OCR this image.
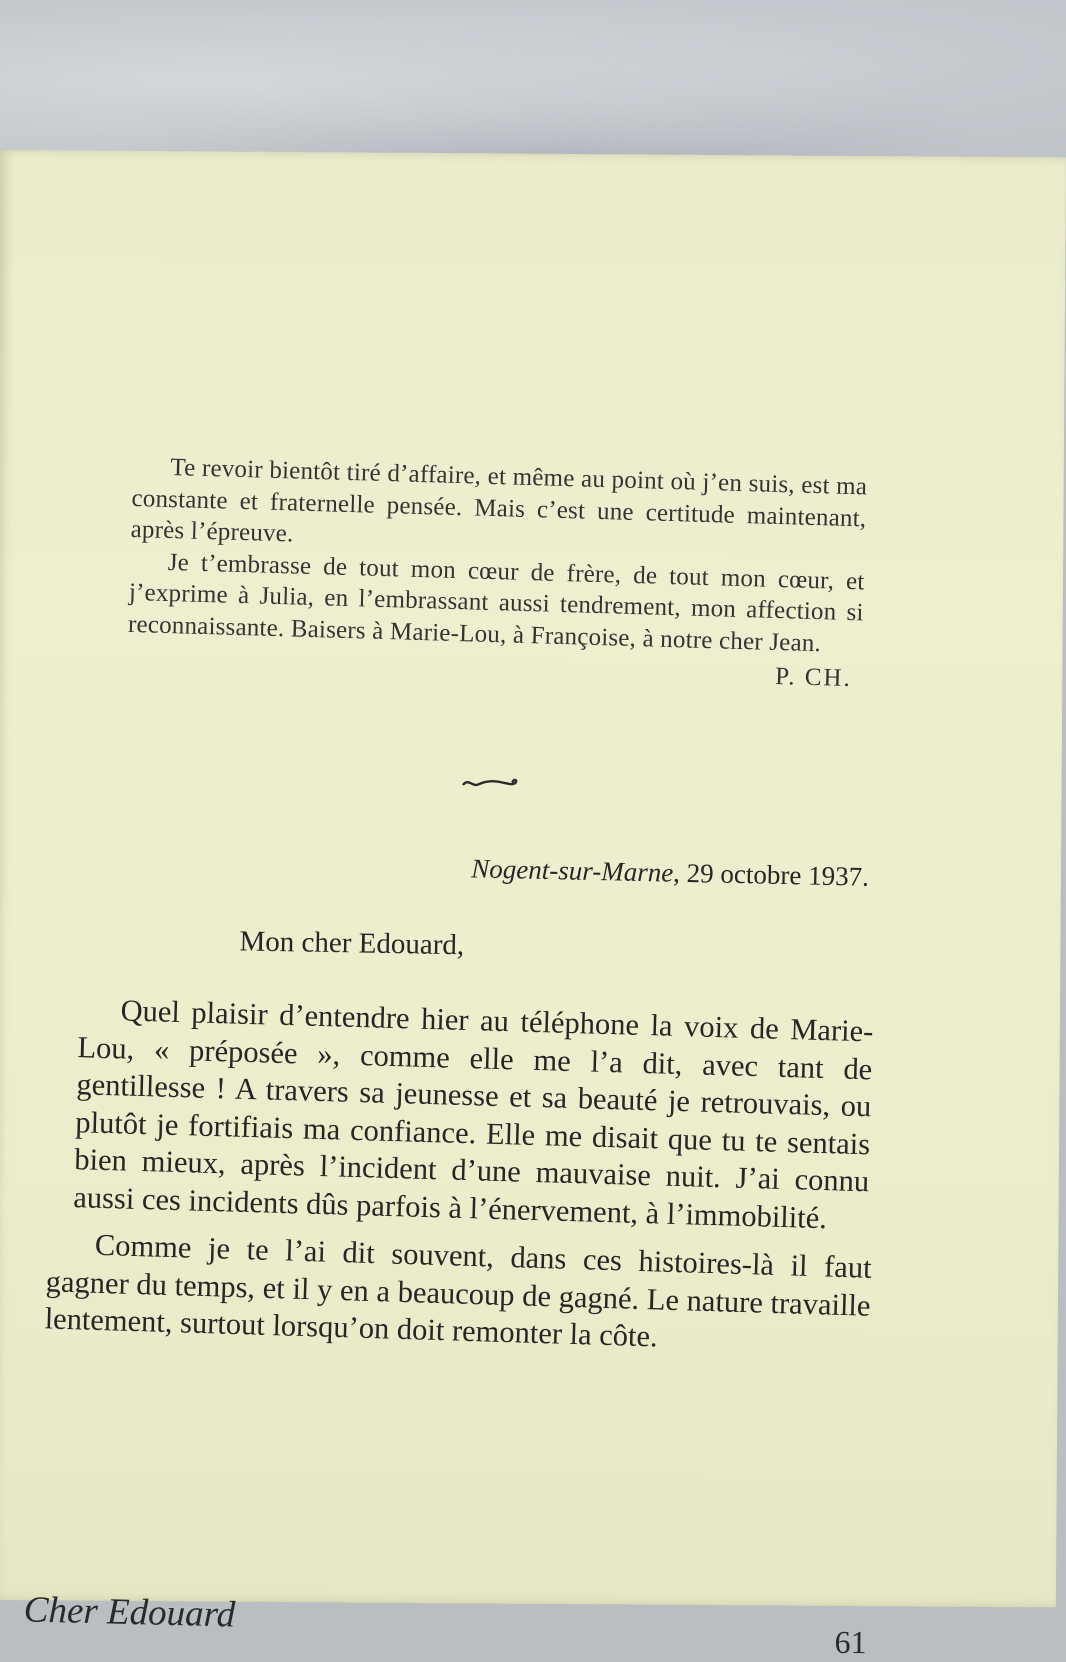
Te revoir bientôt tiré d’affaire, et même au point où j’en suis, est ma constante et fraternelle pensée. Mais c’est une certitude maintenant, après l’épreuve.

Je t’embrasse de tout mon cœur de frère, de tout mon cœur, et j’exprime à Julia, en l’embrassant aussi tendrement, mon affection si reconnaissante. Baisers à Marie-Lou, à Françoise, à notre cher Jean.

P. CH.

Nogent-sur-Marne, 29 octobre 1937.

Mon cher Edouard,

Quel plaisir d’entendre hier au téléphone la voix de Marie-Lou, « préposée », comme elle me l’a dit, avec tant de gentillesse ! A travers sa jeunesse et sa beauté je retrouvais, ou plutôt je fortifiais ma confiance. Elle me disait que tu te sentais bien mieux, après l’incident d’une mauvaise nuit. J’ai connu aussi ces incidents dûs parfois à l’énervement, à l’immobilité.

Comme je te l’ai dit souvent, dans ces histoires-là il faut gagner du temps, et il y en a beaucoup de gagné. Le nature travaille lentement, surtout lorsqu’on doit remonter la côte.

Cher Edouard
61
